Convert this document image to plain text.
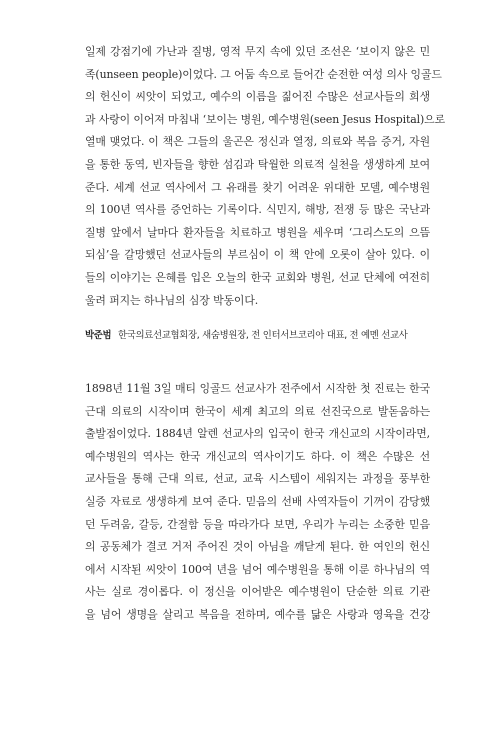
일제 강점기에 가난과 질병, 영적 무지 속에 있던 조선은 ‘보이지 않은 민
족(unseen people)이었다. 그 어둠 속으로 들어간 순전한 여성 의사 잉골드
의 헌신이 씨앗이 되었고, 예수의 이름을 짊어진 수많은 선교사들의 희생
과 사랑이 이어져 마침내 ‘보이는 병원, 예수병원(seen Jesus Hospital)으로
열매 맺었다. 이 책은 그들의 울곤은 정신과 열정, 의료와 복음 증거, 자원
을 통한 동역, 빈자들을 향한 섬김과 탁월한 의료적 실천을 생생하게 보여
준다. 세계 선교 역사에서 그 유래를 찾기 어려운 위대한 모델, 예수병원
의 100년 역사를 증언하는 기록이다. 식민지, 해방, 전쟁 등 많은 국난과
질병 앞에서 날마다 환자들을 치료하고 병원을 세우며 ‘그리스도의 으뜸
되심’을 갈망했던 선교사들의 부르심이 이 책 안에 오롯이 살아 있다. 이
들의 이야기는 은혜를 입은 오늘의 한국 교회와 병원, 선교 단체에 여전히
울려 퍼지는 하나님의 심장 박동이다.
박준범 한국의료선교협회장, 새숨병원장, 전 인터서브코리아 대표, 전 예멘 선교사
1898년 11월 3일 매티 잉골드 선교사가 전주에서 시작한 첫 진료는 한국
근대 의료의 시작이며 한국이 세계 최고의 의료 선진국으로 발돋움하는
출발점이었다. 1884년 알렌 선교사의 입국이 한국 개신교의 시작이라면,
예수병원의 역사는 한국 개신교의 역사이기도 하다. 이 책은 수많은 선
교사들을 통해 근대 의료, 선교, 교육 시스템이 세워지는 과정을 풍부한
실증 자료로 생생하게 보여 준다. 믿음의 선배 사역자들이 기꺼이 감당했
던 두려움, 갈등, 간절함 등을 따라가다 보면, 우리가 누리는 소중한 믿음
의 공동체가 결코 거저 주어진 것이 아님을 깨닫게 된다. 한 여인의 헌신
에서 시작된 씨앗이 100여 년을 넘어 예수병원을 통해 이룬 하나님의 역
사는 실로 경이롭다. 이 정신을 이어받은 예수병원이 단순한 의료 기관
을 넘어 생명을 살리고 복음을 전하며, 예수를 닮은 사랑과 영육을 건강
